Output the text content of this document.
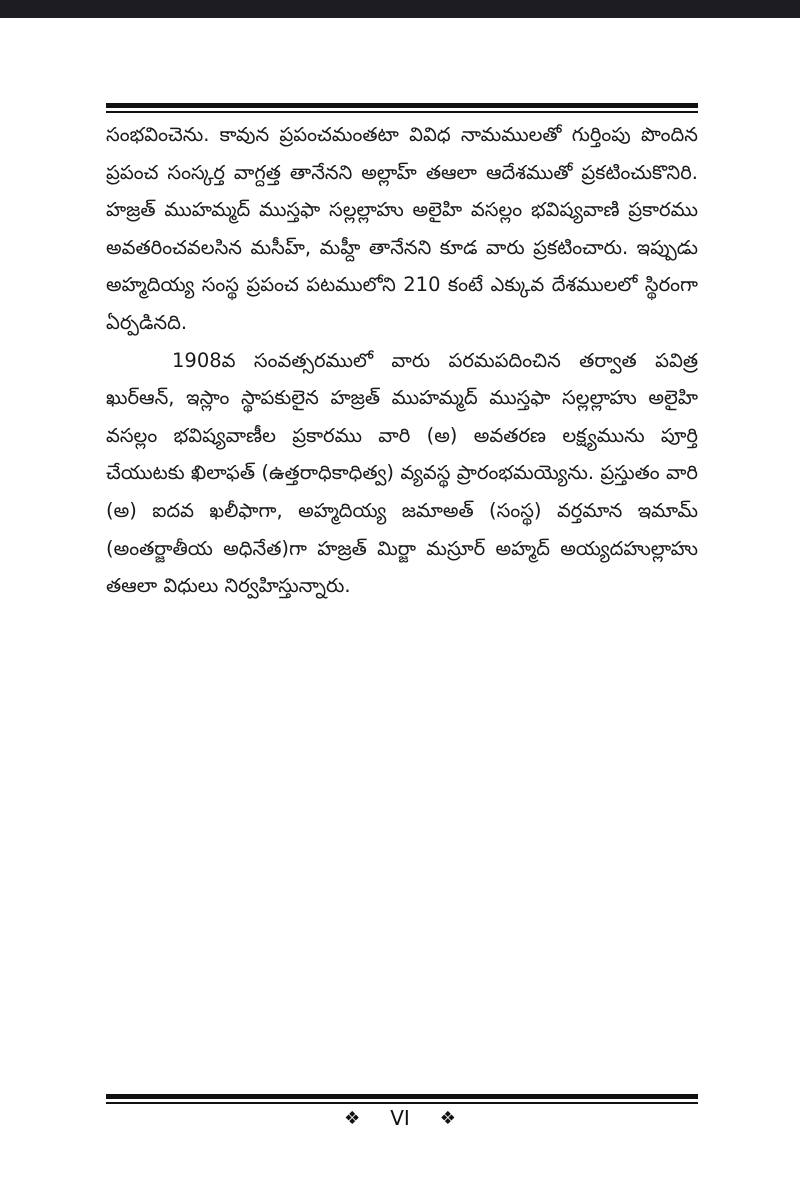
సంభవించెను. కావున ప్రపంచమంతటా వివిధ నామములతో గుర్తింపు పొందిన ప్రపంచ సంస్కర్త వాగ్దత్త తానేనని అల్లాహ్ తఆలా ఆదేశముతో ప్రకటించుకొనిరి. హజ్రత్ ముహమ్మద్ ముస్తఫా సల్లల్లాహు అలైహి వసల్లం భవిష్యవాణి ప్రకారము అవతరించవలసిన మసీహ్, మహ్దీ తానేనని కూడ వారు ప్రకటించారు. ఇప్పుడు అహ్మదియ్య సంస్థ ప్రపంచ పటములోని 210 కంటే ఎక్కువ దేశములలో స్థిరంగా ఏర్పడినది.

1908వ సంవత్సరములో వారు పరమపదించిన తర్వాత పవిత్ర ఖుర్ఆన్, ఇస్లాం స్థాపకులైన హజ్రత్ ముహమ్మద్ ముస్తఫా సల్లల్లాహు అలైహి వసల్లం భవిష్యవాణీల ప్రకారము వారి (అ) అవతరణ లక్ష్యమును పూర్తి చేయుటకు ఖిలాఫత్ (ఉత్తరాధికాధిత్వ) వ్యవస్థ ప్రారంభమయ్యెను. ప్రస్తుతం వారి (అ) ఐదవ ఖలీఫాగా, అహ్మదియ్య జమాఅత్ (సంస్థ) వర్తమాన ఇమామ్ (అంతర్జాతీయ అధినేత)గా హజ్రత్ మిర్జా మస్రూర్ అహ్మద్ అయ్యదహుల్లాహు తఆలా విధులు నిర్వహిస్తున్నారు.

❖ VI ❖
